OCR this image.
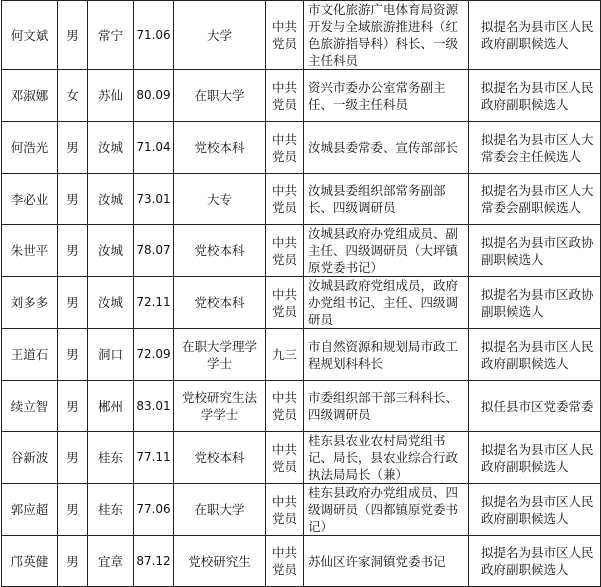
何文斌	男	常宁	71.06	大学	中共党员	市文化旅游广电体育局资源开发与全域旅游推进科（红色旅游指导科）科长、一级主任科员	拟提名为县市区人民政府副职候选人
邓淑娜	女	苏仙	80.09	在职大学	中共党员	资兴市委办公室常务副主任、一级主任科员	拟提名为县市区人民政府副职候选人
何浩光	男	汝城	71.04	党校本科	中共党员	汝城县委常委、宣传部部长	拟提名为县市区人大常委会主任候选人
李必业	男	汝城	73.01	大专	中共党员	汝城县委组织部常务副部长、四级调研员	拟提名为县市区人大常委会副职候选人
朱世平	男	汝城	78.07	党校本科	中共党员	汝城县政府办党组成员、副主任、四级调研员（大坪镇原党委书记）	拟提名为县市区政协副职候选人
刘多多	男	汝城	72.11	党校本科	中共党员	汝城县政府党组成员，政府办党组书记、主任、四级调研员	拟提名为县市区政协副职候选人
王道石	男	洞口	72.09	在职大学理学学士	九三	市自然资源和规划局市政工程规划科科长	拟提名为县市区人民政府副职候选人
续立智	男	郴州	83.01	党校研究生法学学士	中共党员	市委组织部干部三科科长、四级调研员	拟任县市区党委常委
谷新波	男	桂东	77.11	党校本科	中共党员	桂东县农业农村局党组书记、局长，县农业综合行政执法局局长（兼）	拟提名为县市区人民政府副职候选人
郭应超	男	桂东	77.06	在职大学	中共党员	桂东县政府办党组成员、四级调研员（四都镇原党委书记）	拟提名为县市区人民政府副职候选人
邝英健	男	宜章	87.12	党校研究生	中共党员	苏仙区许家洞镇党委书记	拟提名为县市区人民政府副职候选人
